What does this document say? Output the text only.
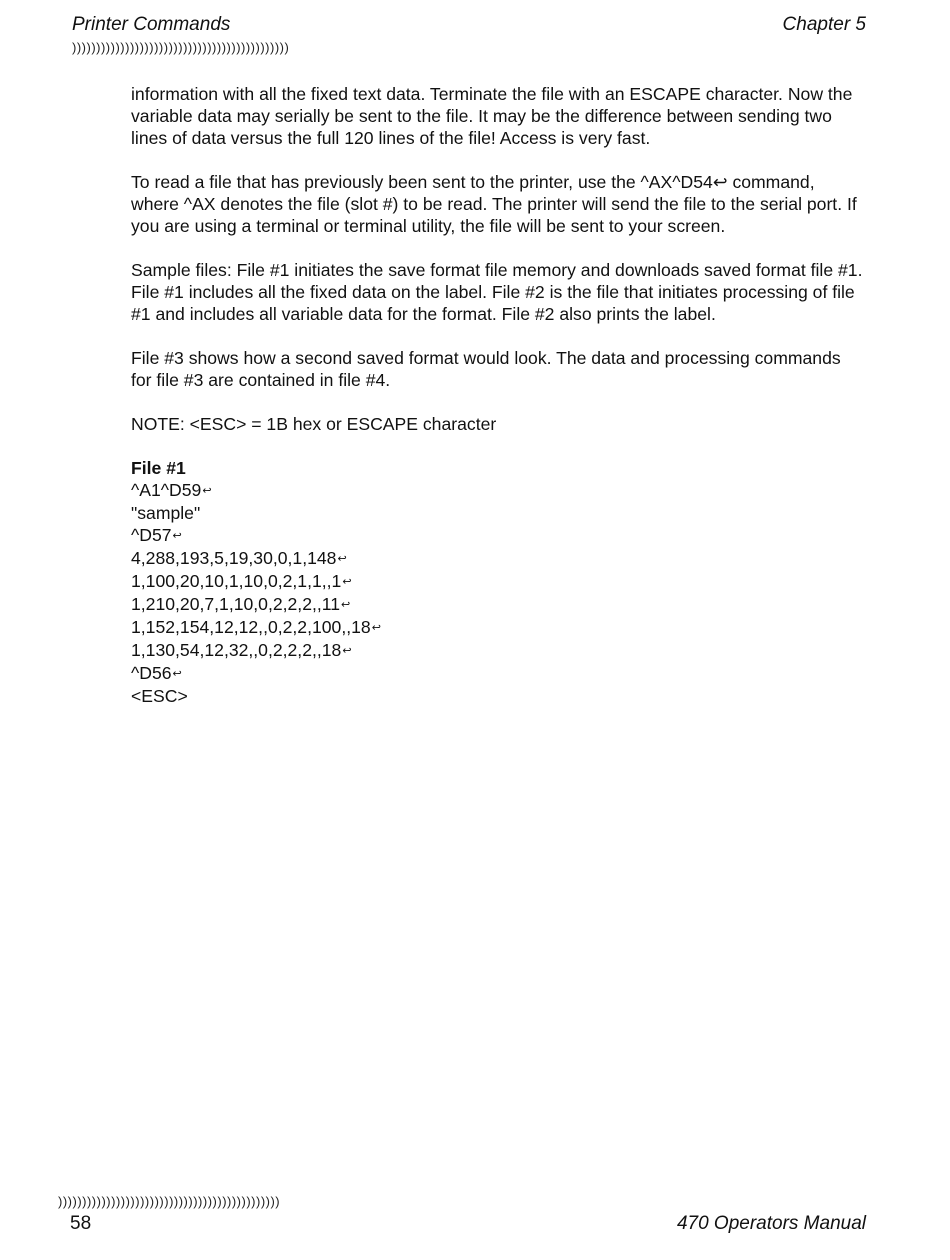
Printer Commands	Chapter 5
)))))))))))))))))))))))))))))))))))))))))))))

information with all the fixed text data. Terminate the file with an ESCAPE character. Now the variable data may serially be sent to the file. It may be the difference between sending two lines of data versus the full 120 lines of the file! Access is very fast.

To read a file that has previously been sent to the printer, use the ^AX^D54↩ command, where ^AX denotes the file (slot #) to be read. The printer will send the file to the serial port. If you are using a terminal or terminal utility, the file will be sent to your screen.

Sample files: File #1 initiates the save format file memory and downloads saved format file #1. File #1 includes all the fixed data on the label. File #2 is the file that initiates processing of file #1 and includes all variable data for the format. File #2 also prints the label.

File #3 shows how a second saved format would look. The data and processing commands for file #3 are contained in file #4.

NOTE: <ESC> = 1B hex or ESCAPE character

File #1
^A1^D59↩
"sample"
^D57↩
4,288,193,5,19,30,0,1,148↩
1,100,20,10,1,10,0,2,1,1,,1↩
1,210,20,7,1,10,0,2,2,2,,11↩
1,152,154,12,12,,0,2,2,100,,18↩
1,130,54,12,32,,0,2,2,2,,18↩
^D56↩
<ESC>
))))))))))))))))))))))))))))))))))))))))))))))
58	470 Operators Manual
